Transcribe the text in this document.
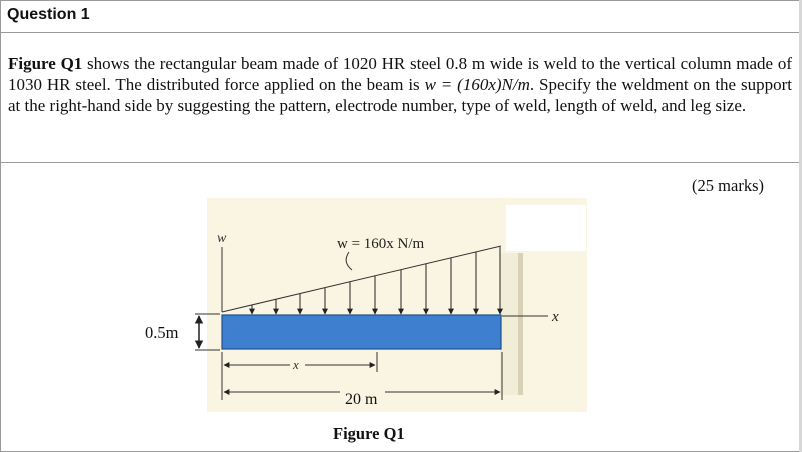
Question 1
Figure Q1 shows the rectangular beam made of 1020 HR steel 0.8 m wide is weld to the vertical column made of 1030 HR steel. The distributed force applied on the beam is w = (160x)N/m. Specify the weldment on the support at the right-hand side by suggesting the pattern, electrode number, type of weld, length of weld, and leg size.
(25 marks)
w	w = 160x N/m
x
0.5m
x
20 m
Figure Q1
